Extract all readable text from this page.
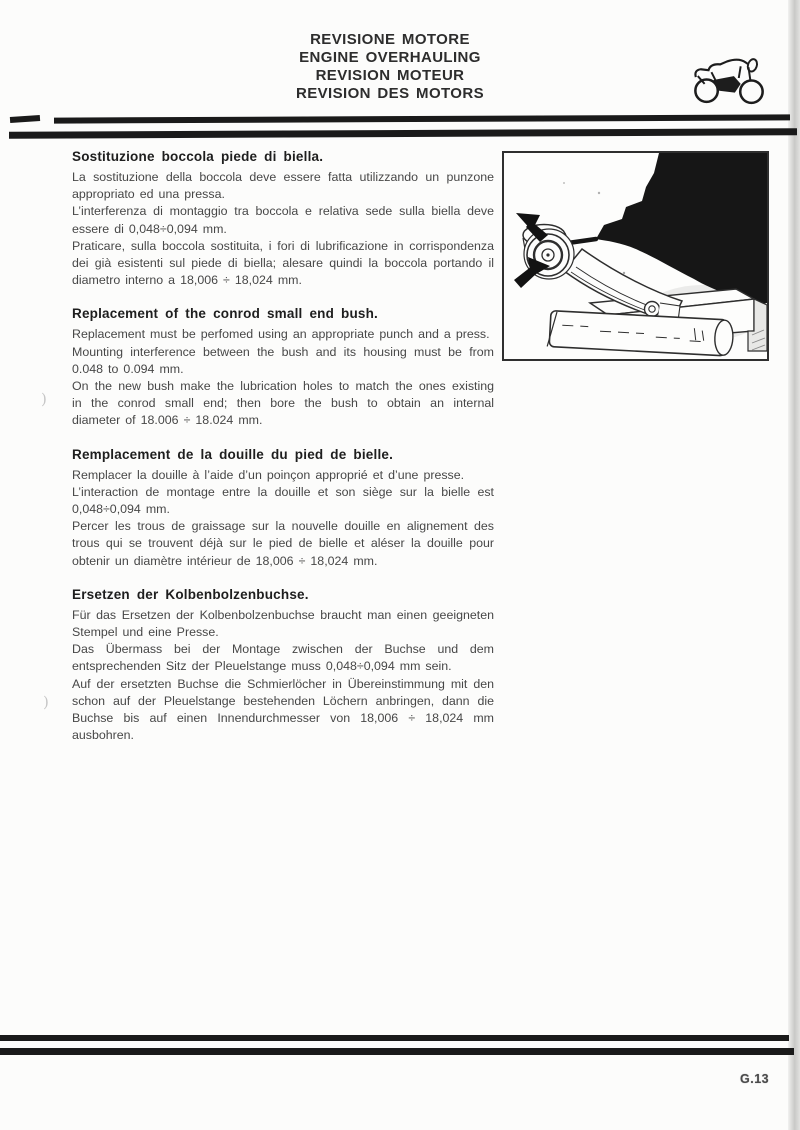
REVISIONE MOTORE
ENGINE OVERHAULING
REVISION MOTEUR
REVISION DES MOTORS
Sostituzione boccola piede di biella.

La sostituzione della boccola deve essere fatta utilizzando un punzone appropriato ed una pressa.

L’interferenza di montaggio tra boccola e relativa sede sulla biella deve essere di 0,048÷0,094 mm.

Praticare, sulla boccola sostituita, i fori di lubrificazione in corrispondenza dei già esistenti sul piede di biella; alesare quindi la boccola portando il diametro interno a 18,006 ÷ 18,024 mm.

Replacement of the conrod small end bush.

Replacement must be perfomed using an appropriate punch and a press.

Mounting interference between the bush and its housing must be from 0.048 to 0.094 mm.

On the new bush make the lubrication holes to match the ones existing in the conrod small end; then bore the bush to obtain an internal diameter of 18.006 ÷ 18.024 mm.

Remplacement de la douille du pied de bielle.

Remplacer la douille à l’aide d’un poinçon approprié et d’une presse.

L’interaction de montage entre la douille et son siège sur la bielle est 0,048÷0,094 mm.

Percer les trous de graissage sur la nouvelle douille en alignement des trous qui se trouvent déjà sur le pied de bielle et aléser la douille pour obtenir un diamètre intérieur de 18,006 ÷ 18,024 mm.

Ersetzen der Kolbenbolzenbuchse.

Für das Ersetzen der Kolbenbolzenbuchse braucht man einen geeigneten Stempel und eine Presse.

Das Übermass bei der Montage zwischen der Buchse und dem entsprechenden Sitz der Pleuelstange muss 0,048÷0,094 mm sein.

Auf der ersetzten Buchse die Schmierlöcher in Übereinstimmung mit den schon auf der Pleuelstange bestehenden Löchern anbringen, dann die Buchse bis auf einen Innendurchmesser von 18,006 ÷ 18,024 mm ausbohren.

)
)
G.13
